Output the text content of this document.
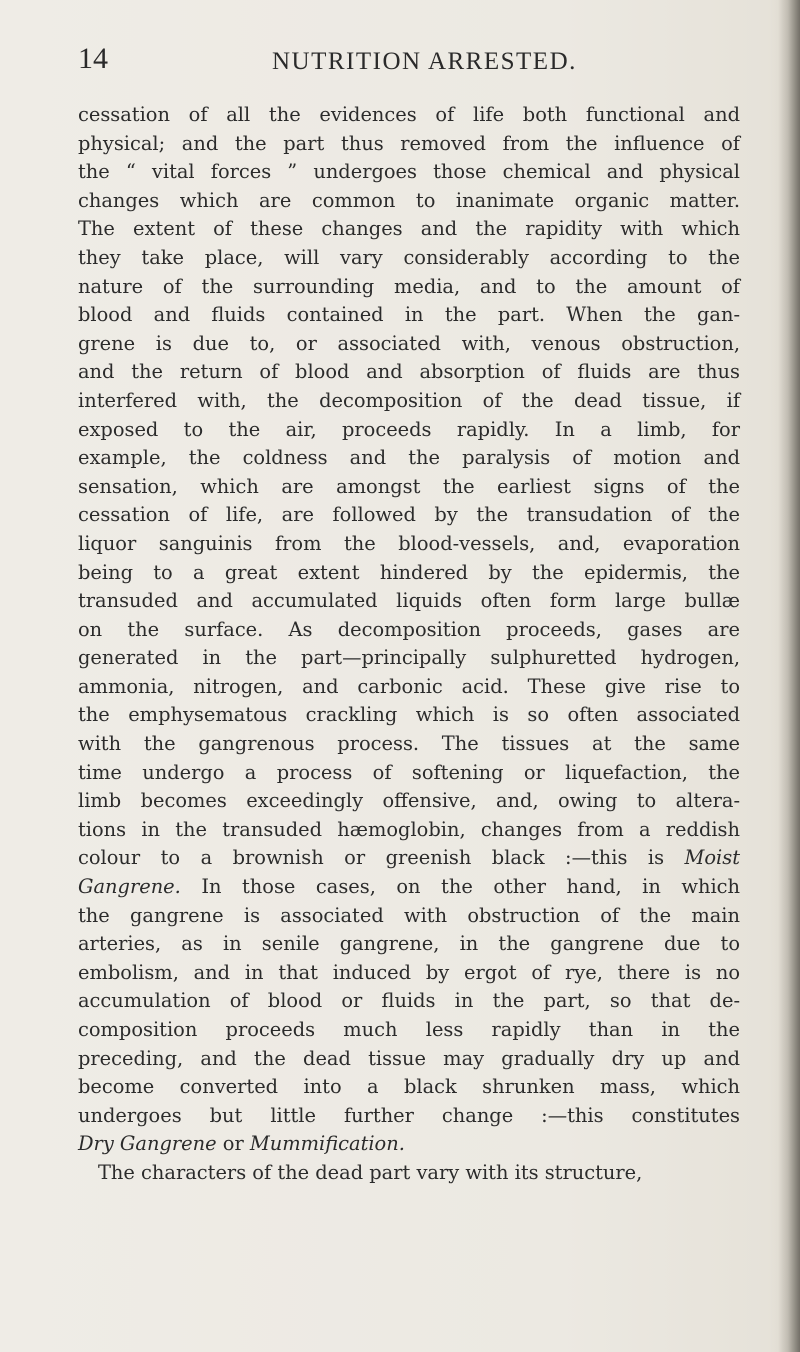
14	NUTRITION ARRESTED.
cessation of all the evidences of life both functional and
physical; and the part thus removed from the influence of
the “ vital forces ” undergoes those chemical and physical
changes which are common to inanimate organic matter.
The extent of these changes and the rapidity with which
they take place, will vary considerably according to the
nature of the surrounding media, and to the amount of
blood and fluids contained in the part. When the gan-
grene is due to, or associated with, venous obstruction,
and the return of blood and absorption of fluids are thus
interfered with, the decomposition of the dead tissue, if
exposed to the air, proceeds rapidly. In a limb, for
example, the coldness and the paralysis of motion and
sensation, which are amongst the earliest signs of the
cessation of life, are followed by the transudation of the
liquor sanguinis from the blood-vessels, and, evaporation
being to a great extent hindered by the epidermis, the
transuded and accumulated liquids often form large bullæ
on the surface. As decomposition proceeds, gases are
generated in the part—principally sulphuretted hydrogen,
ammonia, nitrogen, and carbonic acid. These give rise to
the emphysematous crackling which is so often associated
with the gangrenous process. The tissues at the same
time undergo a process of softening or liquefaction, the
limb becomes exceedingly offensive, and, owing to altera-
tions in the transuded hæmoglobin, changes from a reddish
colour to a brownish or greenish black :—this is Moist
Gangrene. In those cases, on the other hand, in which
the gangrene is associated with obstruction of the main
arteries, as in senile gangrene, in the gangrene due to
embolism, and in that induced by ergot of rye, there is no
accumulation of blood or fluids in the part, so that de-
composition proceeds much less rapidly than in the
preceding, and the dead tissue may gradually dry up and
become converted into a black shrunken mass, which
undergoes but little further change :—this constitutes
Dry Gangrene or Mummification.
The characters of the dead part vary with its structure,
